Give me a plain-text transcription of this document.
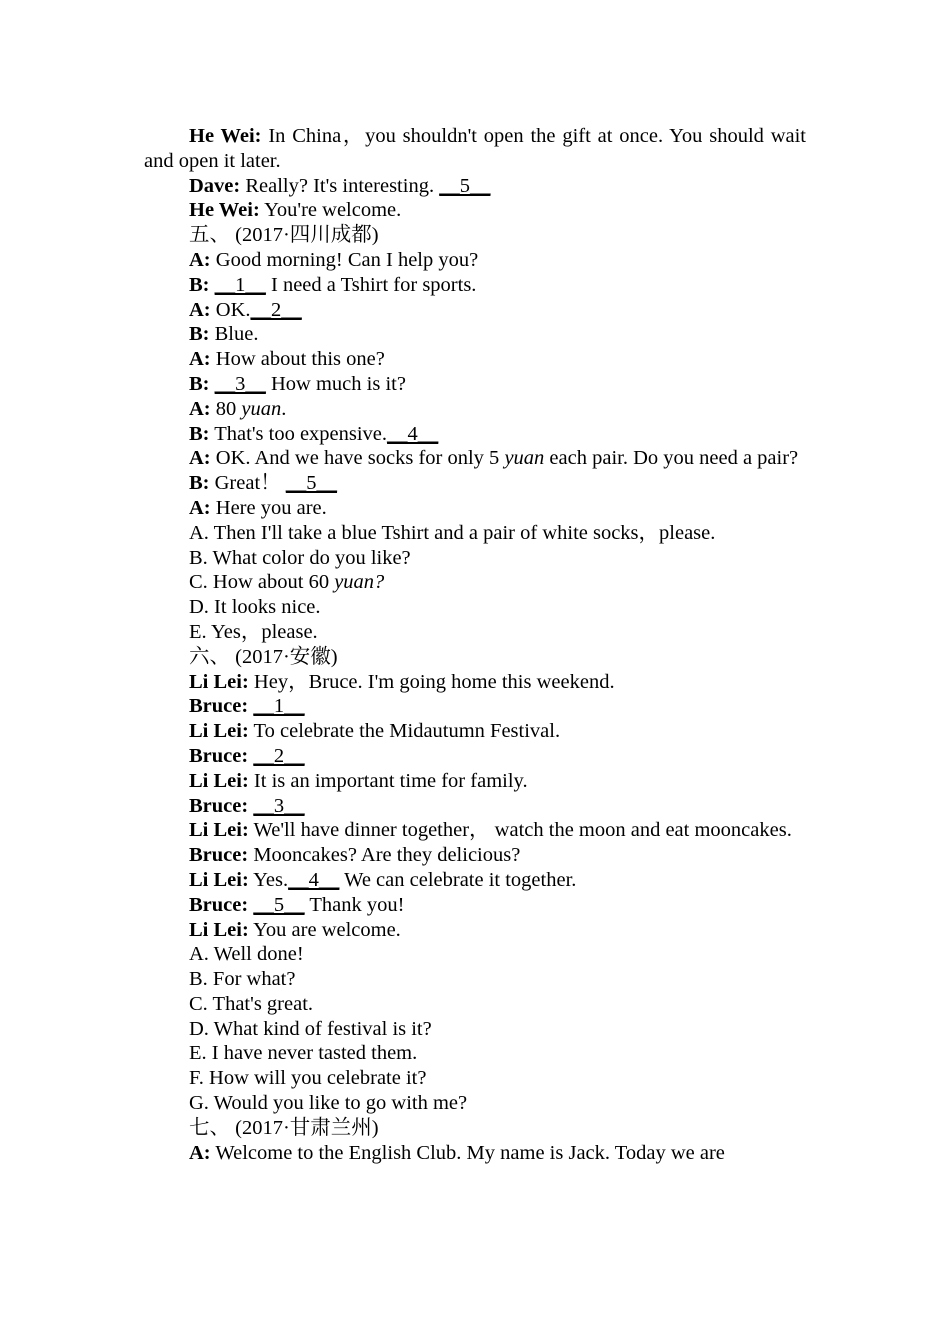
He Wei: In China，you shouldn't open the gift at once. You should wait and open it later.
Dave: Really? It's interesting. __5__
He Wei: You're welcome.
五、 (2017·四川成都)
A: Good morning! Can I help you?
B: __1__ I need a Tshirt for sports.
A: OK.__2__
B: Blue.
A: How about this one?
B: __3__ How much is it?
A: 80 yuan.
B: That's too expensive.__4__
A: OK. And we have socks for only 5 yuan each pair. Do you need a pair?
B: Great！ __5__
A: Here you are.
A. Then I'll take a blue Tshirt and a pair of white socks，please.
B. What color do you like?
C. How about 60 yuan?
D. It looks nice.
E. Yes，please.
六、 (2017·安徽)
Li Lei: Hey，Bruce. I'm going home this weekend.
Bruce: __1__
Li Lei: To celebrate the Midautumn Festival.
Bruce: __2__
Li Lei: It is an important time for family.
Bruce: __3__
Li Lei: We'll have dinner together， watch the moon and eat mooncakes.
Bruce: Mooncakes? Are they delicious?
Li Lei: Yes.__4__ We can celebrate it together.
Bruce: __5__ Thank you!
Li Lei: You are welcome.
A. Well done!
B. For what?
C. That's great.
D. What kind of festival is it?
E. I have never tasted them.
F. How will you celebrate it?
G. Would you like to go with me?
七、 (2017·甘肃兰州)
A: Welcome to the English Club. My name is Jack. Today we are
